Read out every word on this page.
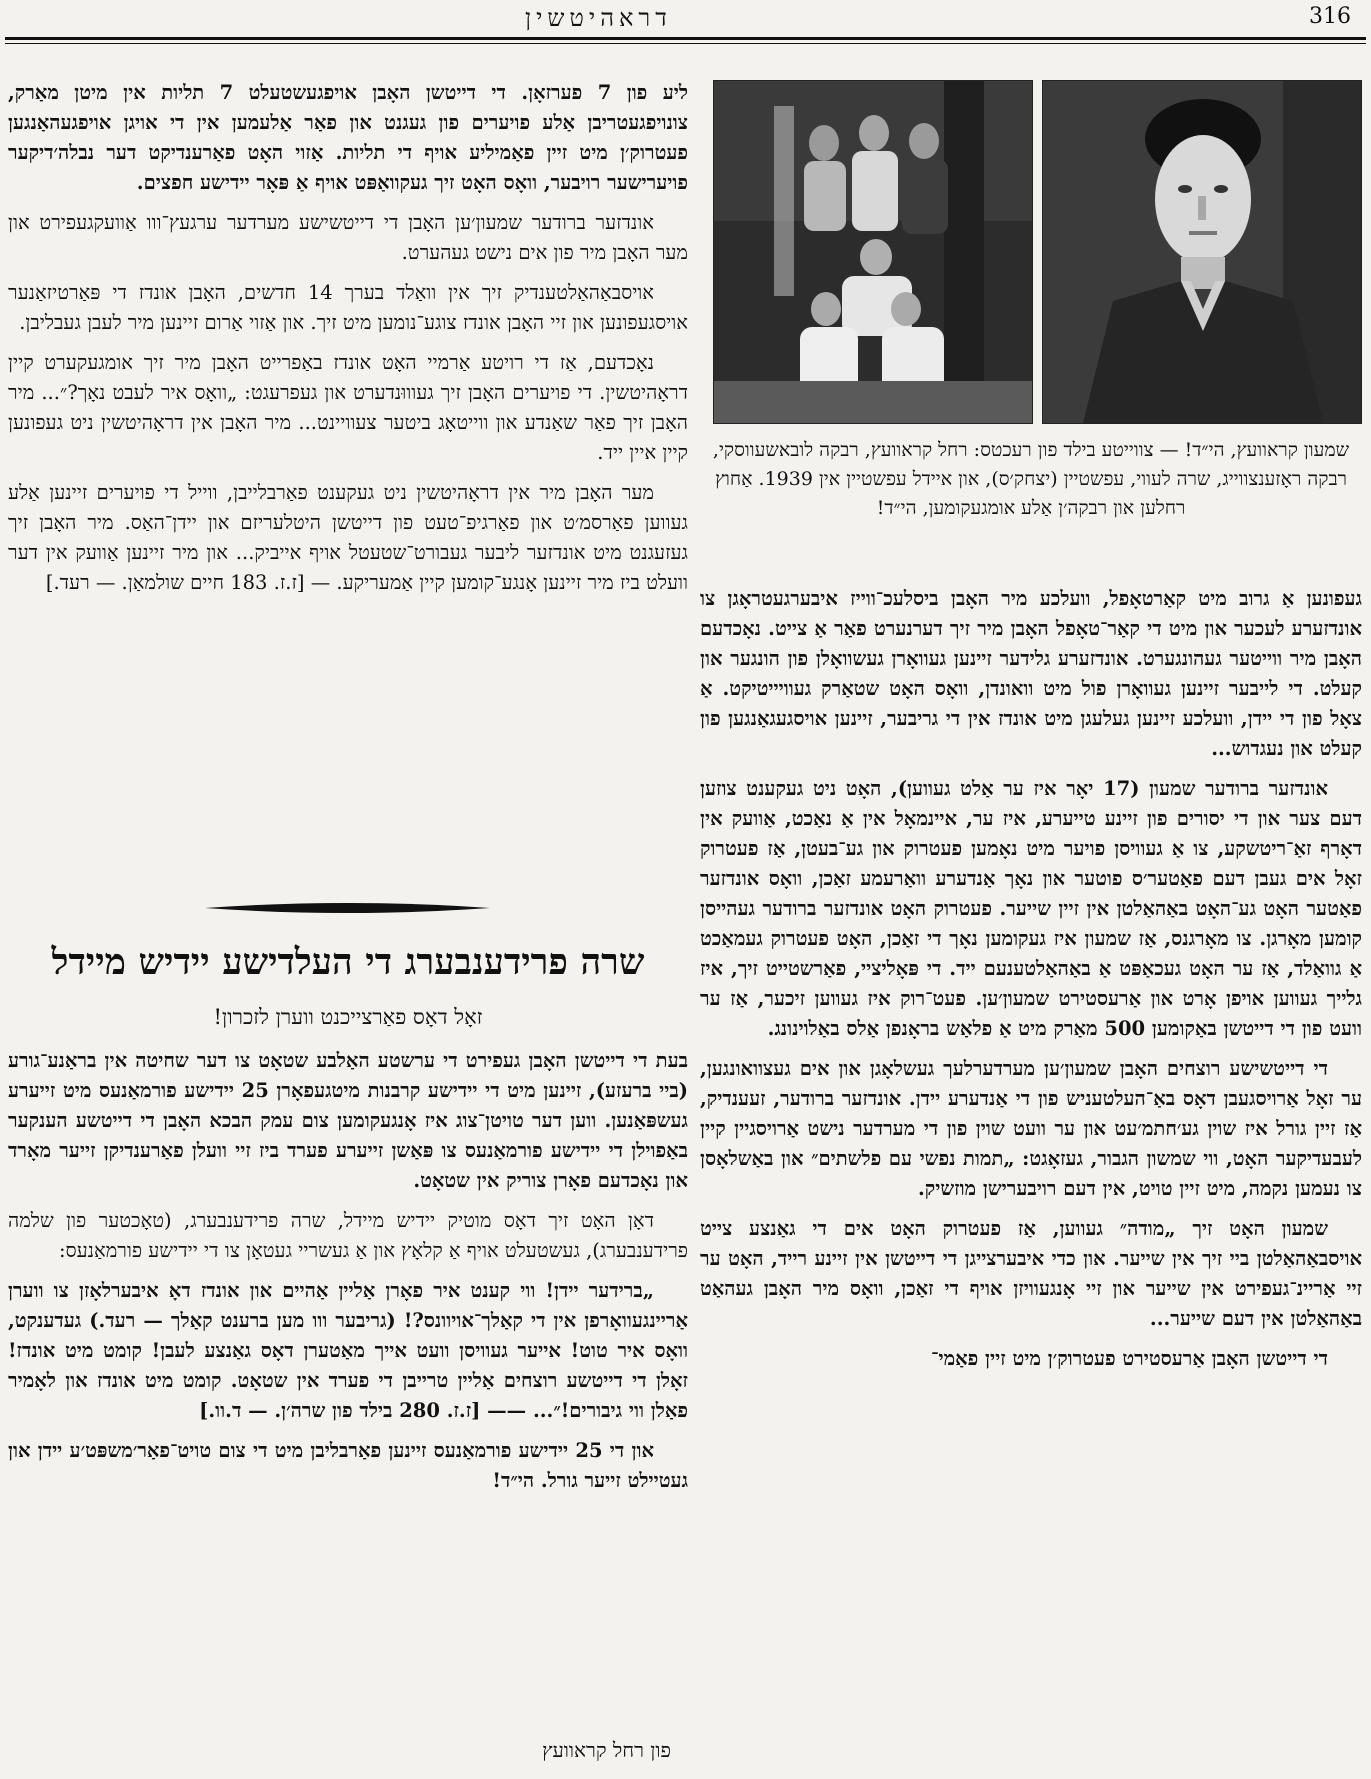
דראהיטשין	316
שמעון קראוועץ, הי״ד! — צווייטע בילד פון רעכטס: רחל קראוועץ, רבקה לובאשעווסקי, רבקה ראָזענצווייג, שרה לעווי, עפשטיין (יצחק׳ס), און איידל עפשטיין אין 1939. אַחוץ רחלען און רבקה׳ן אַלע אומגעקומען, הי״ד!

ליע פון 7 פערזאָן. די דייטשן האָבן אויפגעשטעלט 7 תליות אין מיטן מאַרק, צונויפגעטריבן אַלע פויערים פון געגנט און פאַר אַלעמען אין די אויגן אויפגעהאַנגען פעטרוק׳ן מיט זיין פאַמיליע אויף די תליות. אַזוי האָט פאַרענדיקט דער נבלה׳דיקער פויערישער רויבער, וואָס האָט זיך געקוואַפּט אויף אַ פּאָר יידישע חפצים.

אונדזער ברודער שמעון׳ען האָבן די דייטשישע מערדער ערגעץ־ווו אַוועקגעפירט און מער האָבן מיר פון אים נישט געהערט.

אויסבאַהאַלטענדיק זיך אין וואַלד בערך 14 חדשים, האָבן אונדז די פּאַרטיזאַנער אויסגעפונען און זיי האָבן אונדז צוגע־נומען מיט זיך. און אַזוי אַרום זיינען מיר לעבן געבליבן.

נאָכדעם, אַז די רויטע אַרמיי האָט אונדז באַפרייט האָבן מיר זיך אומגעקערט קיין דראָהיטשין. די פויערים האָבן זיך געוווּנדערט און געפרעגט: „וואָס איר לעבט נאָך?״... מיר האָבן זיך פאַר שאַנדע און ווייטאָג ביטער צעוויינט... מיר האָבן אין דראָהיטשין ניט געפונען קיין איין ייד.

מער האָבן מיר אין דראָהיטשין ניט געקענט פאַרבלייבן, ווייל די פויערים זיינען אַלע געווען פאַרסמ׳ט און פאַרגיפ־טעט פון דייטשן היטלעריזם און יידן־האַס. מיר האָבן זיך געזעגנט מיט אונדזער ליבער געבורט־שטעטל אויף אייביק... און מיר זיינען אַוועק אין דער וועלט ביז מיר זיינען אָנגע־קומען קיין אַמעריקע. — [ז.ז. 183 חיים שולמאַן. — רעד.]

שרה פרידענבערג די העלדישע יידיש מיידל
זאָל דאָס פאַרצייכנט ווערן לזכרון!

בעת די דייטשן האָבן געפירט די ערשטע האַלבע שטאָט צו דער שחיטה אין בראַנע־גורע (ביי ברעזע), זיינען מיט די יידישע קרבנות מיטגעפאָרן 25 יידישע פורמאַנעס מיט זייערע געשפּאַנען. ווען דער טויטן־צוג איז אָנגעקומען צום עמק הבכא האָבן די דייטשע הענקער באַפוילן די יידישע פורמאַנעס צו פּאַשן זייערע פערד ביז זיי וועלן פאַרענדיקן זייער מאָרד און נאָכדעם פאָרן צוריק אין שטאָט.

דאָן האָט זיך דאָס מוטיק יידיש מיידל, שרה פרידענבערג, (טאָכטער פון שלמה פרידענבערג), געשטעלט אויף אַ קלאָץ און אַ געשריי געטאָן צו די יידישע פורמאַנעס:

„ברידער יידן! ווי קענט איר פאָרן אַליין אַהיים און אונדז דאָ איבערלאָזן צו ווערן אַריינגעוואָרפן אין די קאַלך־אויוונס?! (גריבער ווו מען ברענט קאַלך — רעד.) געדענקט, וואָס איר טוט! אייער געוויסן וועט אייך מאַטערן דאָס גאַנצע לעבן! קומט מיט אונדז! זאָלן די דייטשע רוצחים אַליין טרייבן די פערד אין שטאָט. קומט מיט אונדז און לאָמיר פאַלן ווי גיבורים!״... —— [ז.ז. 280 בילד פון שרה׳ן. — ד.וו.]

און די 25 יידישע פורמאַנעס זיינען פאַרבליבן מיט די צום טויט־פאַר׳משפּט׳ע יידן און געטיילט זייער גורל. הי״ד!

פון רחל קראוועץ

געפונען אַ גרוב מיט קאַרטאָפל, וועלכע מיר האָבן ביסלעכ־ווייז איבערגעטראָגן צו אונדזערע לעכער און מיט די קאַר־טאָפל האָבן מיר זיך דערנערט פאַר אַ צייט. נאָכדעם האָבן מיר ווייטער געהונגערט. אונדזערע גלידער זיינען געוואָרן געשוואָלן פון הונגער און קעלט. די לייבער זיינען געוואָרן פול מיט וואונדן, וואָס האָט שטאַרק געוויייטיקט. אַ צאָל פון די יידן, וועלכע זיינען געלעגן מיט אונדז אין די גריבער, זיינען אויסגעגאַנגען פון קעלט און נעגדוש...

אונדזער ברודער שמעון (17 יאָר איז ער אַלט געווען), האָט ניט געקענט צוזען דעם צער און די יסורים פון זיינע טייערע, איז ער, איינמאָל אין אַ נאַכט, אַוועק אין דאָרף זאַ־ריטשקע, צו אַ געוויסן פויער מיט נאָמען פעטרוק און גע־בעטן, אַז פעטרוק זאָל אים געבן דעם פאַטער׳ס פוטער און נאָך אַנדערע וואַרעמע זאַכן, וואָס אונדזער פאַטער האָט גע־האָט באַהאַלטן אין זיין שייער. פעטרוק האָט אונדזער ברודער געהייסן קומען מאָרגן. צו מאָרגנס, אַז שמעון איז געקומען נאָך די זאַכן, האָט פעטרוק געמאַכט אַ גוואַלד, אַז ער האָט געכאַפּט אַ באַהאַלטענעם ייד. די פּאָליציי, פאַרשטייט זיך, איז גלייך געווען אויפן אָרט און אַרעסטירט שמעון׳ען. פעט־רוק איז געווען זיכער, אַז ער וועט פון די דייטשן באַקומען 500 מאַרק מיט אַ פלאַש בראָנפן אַלס באַלוינונג.

די דייטשישע רוצחים האָבן שמעון׳ען מערדערלעך געשלאָגן און אים געצוואונגען, ער זאָל אַרויסגעבן דאָס באַ־העלטעניש פון די אַנדערע יידן. אונדזער ברודער, זעענדיק, אַז זיין גורל איז שוין גע׳חתמ׳עט און ער וועט שוין פון די מערדער נישט אַרויסגיין קיין לעבעדיקער האָט, ווי שמשון הגבור, געזאָגט: „תמות נפשי עם פלשתים״ און באַשלאָסן צו נעמען נקמה, מיט זיין טויט, אין דעם רויבערישן מוזשיק.

שמעון האָט זיך „מודה״ געווען, אַז פעטרוק האָט אים די גאַנצע צייט אויסבאַהאַלטן ביי זיך אין שייער. און כדי איבערצייגן די דייטשן אין זיינע רייד, האָט ער זיי אַריינ־געפירט אין שייער און זיי אָנגעוויזן אויף די זאַכן, וואָס מיר האָבן געהאַט באַהאַלטן אין דעם שייער...

די דייטשן האָבן אַרעסטירט פעטרוק׳ן מיט זיין פאַמי־
